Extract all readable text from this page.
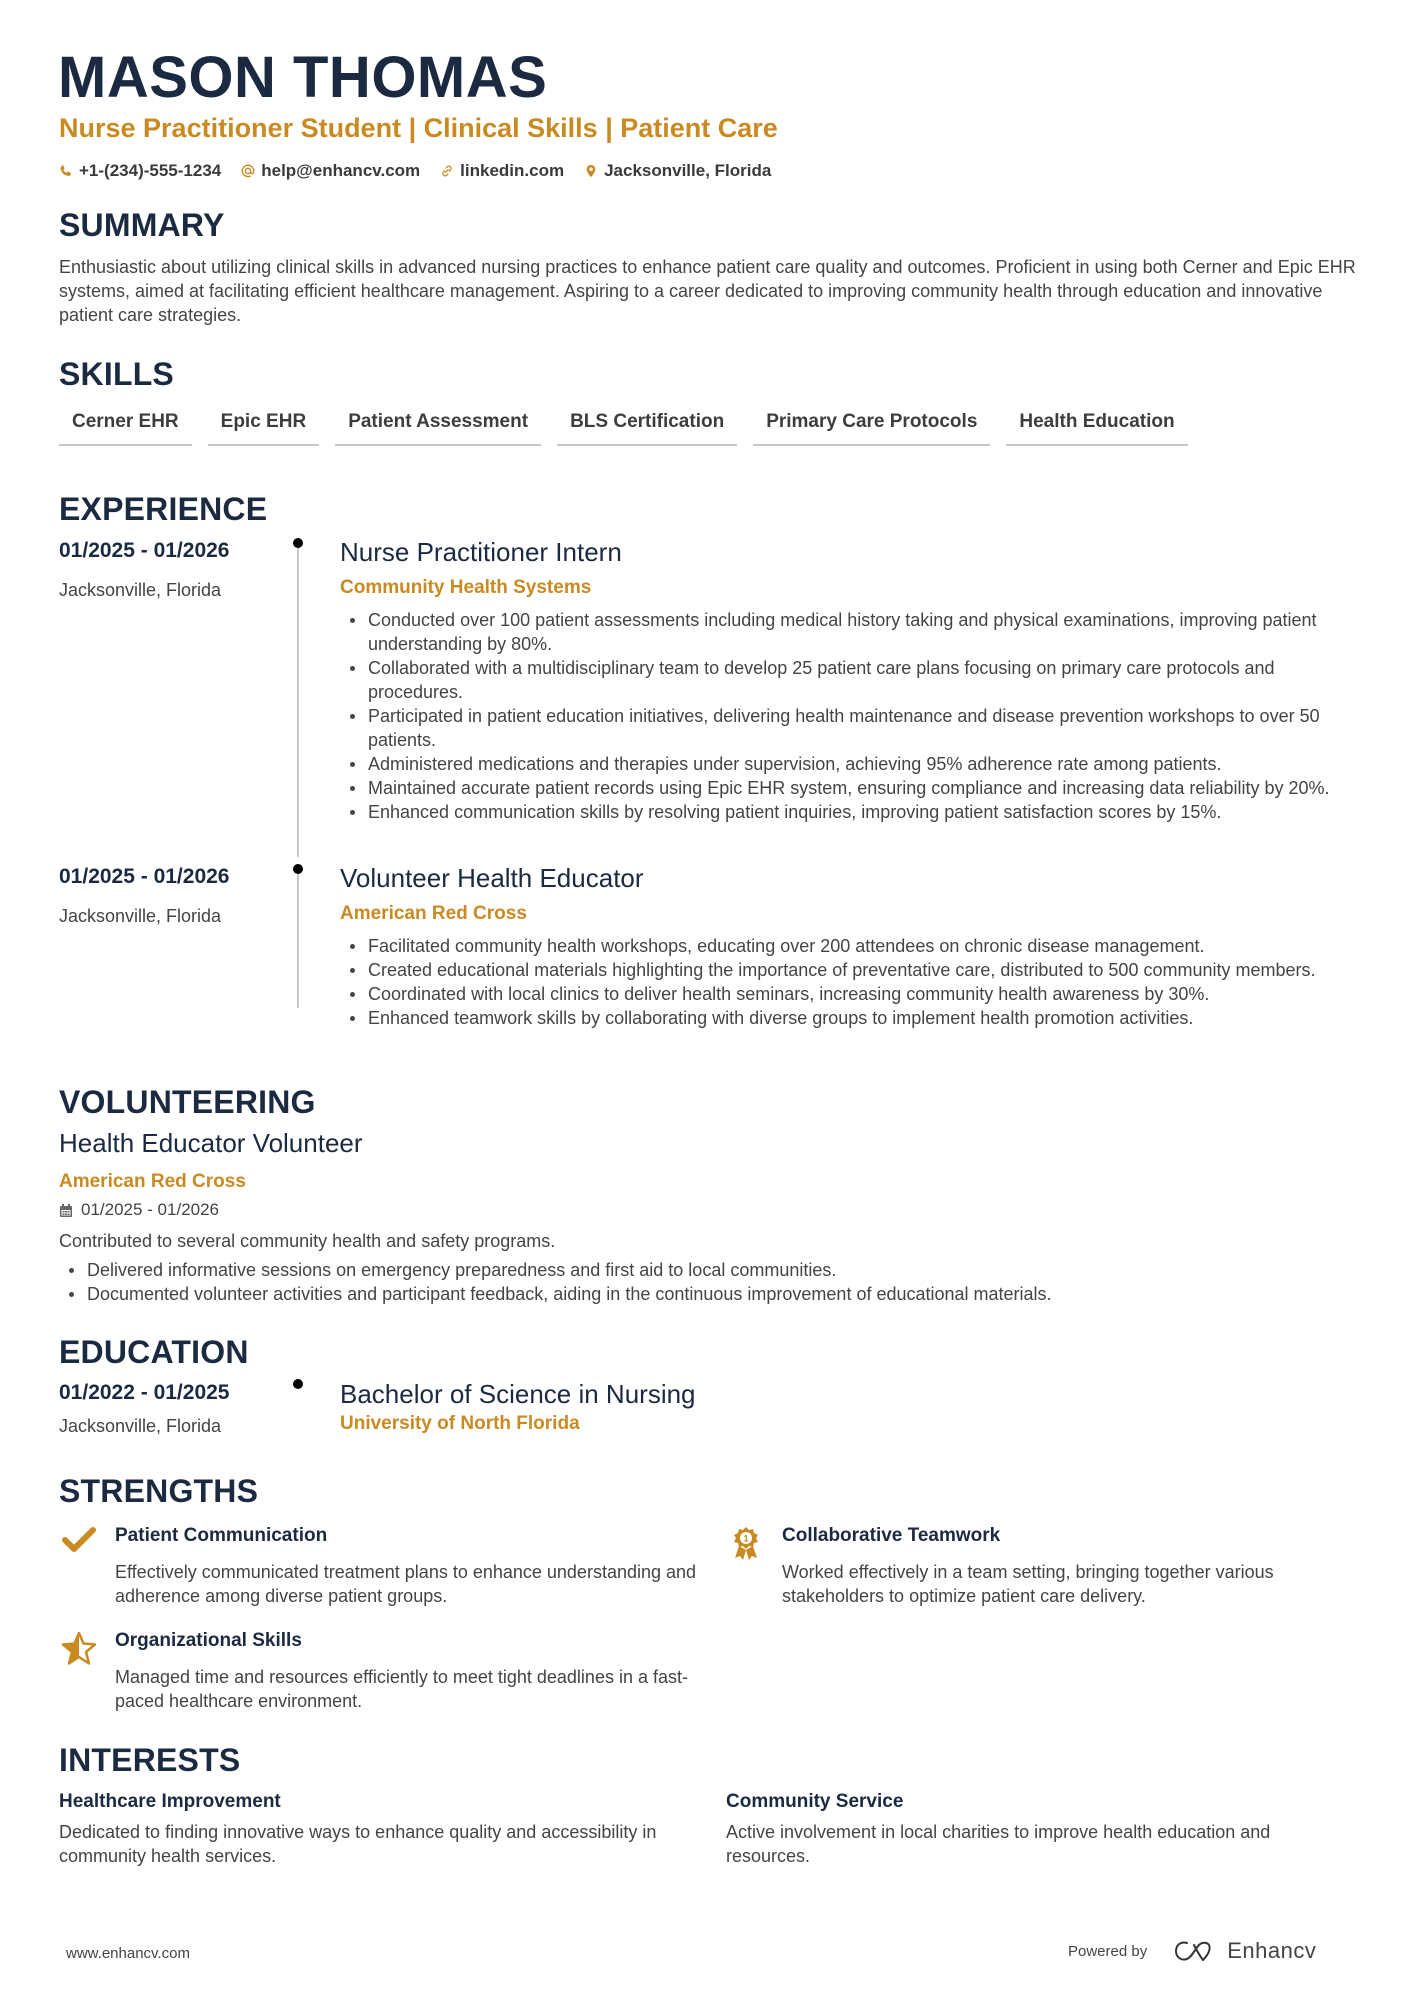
MASON THOMAS
Nurse Practitioner Student | Clinical Skills | Patient Care
+1-(234)-555-1234 help@enhancv.com linkedin.com Jacksonville, Florida
SUMMARY
Enthusiastic about utilizing clinical skills in advanced nursing practices to enhance patient care quality and outcomes. Proficient in using both Cerner and Epic EHR systems, aimed at facilitating efficient healthcare management. Aspiring to a career dedicated to improving community health through education and innovative patient care strategies.
SKILLS
Cerner EHR	Epic EHR	Patient Assessment	BLS Certification	Primary Care Protocols	Health Education
EXPERIENCE
01/2025 - 01/2026
Jacksonville, Florida
Nurse Practitioner Intern
Community Health Systems
Conducted over 100 patient assessments including medical history taking and physical examinations, improving patient understanding by 80%.
Collaborated with a multidisciplinary team to develop 25 patient care plans focusing on primary care protocols and procedures.
Participated in patient education initiatives, delivering health maintenance and disease prevention workshops to over 50 patients.
Administered medications and therapies under supervision, achieving 95% adherence rate among patients.
Maintained accurate patient records using Epic EHR system, ensuring compliance and increasing data reliability by 20%.
Enhanced communication skills by resolving patient inquiries, improving patient satisfaction scores by 15%.
01/2025 - 01/2026
Jacksonville, Florida
Volunteer Health Educator
American Red Cross
Facilitated community health workshops, educating over 200 attendees on chronic disease management.
Created educational materials highlighting the importance of preventative care, distributed to 500 community members.
Coordinated with local clinics to deliver health seminars, increasing community health awareness by 30%.
Enhanced teamwork skills by collaborating with diverse groups to implement health promotion activities.
VOLUNTEERING
Health Educator Volunteer
American Red Cross
01/2025 - 01/2026
Contributed to several community health and safety programs.
Delivered informative sessions on emergency preparedness and first aid to local communities.
Documented volunteer activities and participant feedback, aiding in the continuous improvement of educational materials.
EDUCATION
01/2022 - 01/2025
Jacksonville, Florida
Bachelor of Science in Nursing
University of North Florida
STRENGTHS
Patient Communication
Effectively communicated treatment plans to enhance understanding and adherence among diverse patient groups.
1 Collaborative Teamwork
Worked effectively in a team setting, bringing together various stakeholders to optimize patient care delivery.
Organizational Skills
Managed time and resources efficiently to meet tight deadlines in a fast-paced healthcare environment.
INTERESTS
Healthcare Improvement
Dedicated to finding innovative ways to enhance quality and accessibility in community health services.
Community Service
Active involvement in local charities to improve health education and resources.
www.enhancv.com	Powered by	Enhancv
